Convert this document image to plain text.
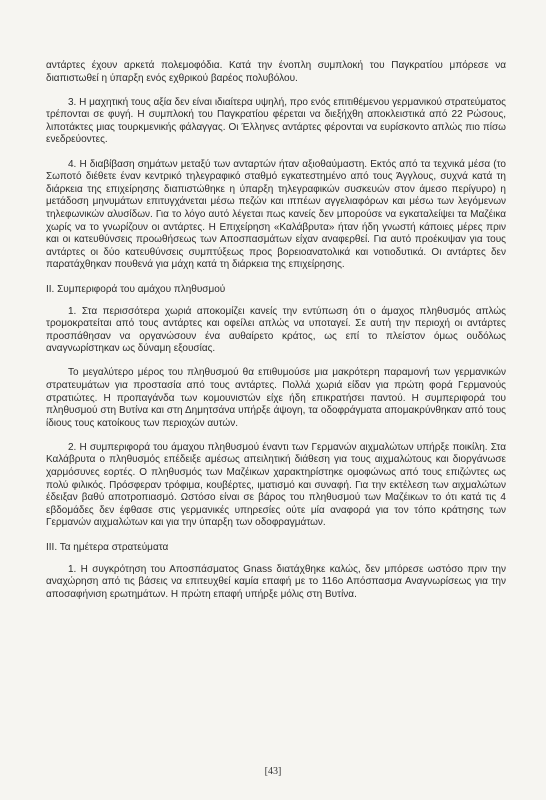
αντάρτες έχουν αρκετά πολεμοφόδια. Κατά την ένοπλη συμπλοκή του Παγκρατίου μπόρεσε να διαπιστωθεί η ύπαρξη ενός εχθρικού βαρέος πολυβόλου.

3. Η μαχητική τους αξία δεν είναι ιδιαίτερα υψηλή, προ ενός επιτιθέμενου γερμανικού στρατεύματος τρέπονται σε φυγή. Η συμπλοκή του Παγκρατίου φέρεται να διεξήχθη αποκλειστικά από 22 Ρώσους, λιποτάκτες μιας τουρκμενικής φάλαγγας. Οι Έλληνες αντάρτες φέρονται να ευρίσκοντο απλώς πιο πίσω ενεδρεύοντες.

4. Η διαβίβαση σημάτων μεταξύ των ανταρτών ήταν αξιοθαύμαστη. Εκτός από τα τεχνικά μέσα (το Σωποτό διέθετε έναν κεντρικό τηλεγραφικό σταθμό εγκατεστημένο από τους Άγγλους, συχνά κατά τη διάρκεια της επιχείρησης διαπιστώθηκε η ύπαρξη τηλεγραφικών συσκευών στον άμεσο περίγυρο) η μετάδοση μηνυμάτων επιτυγχάνεται μέσω πεζών και ιππέων αγγελιαφόρων και μέσω των λεγόμενων τηλεφωνικών αλυσίδων. Για το λόγο αυτό λέγεται πως κανείς δεν μπορούσε να εγκαταλείψει τα Μαζέικα χωρίς να το γνωρίζουν οι αντάρτες. Η Επιχείρηση «Καλάβρυτα» ήταν ήδη γνωστή κάποιες μέρες πριν και οι κατευθύνσεις προωθήσεως των Αποσπασμάτων είχαν αναφερθεί. Για αυτό προέκυψαν για τους αντάρτες οι δύο κατευθύνσεις συμπτύξεως προς βορειοανατολικά και νοτιοδυτικά. Οι αντάρτες δεν παρατάχθηκαν πουθενά για μάχη κατά τη διάρκεια της επιχείρησης.

ΙΙ. Συμπεριφορά του αμάχου πληθυσμού

1. Στα περισσότερα χωριά αποκομίζει κανείς την εντύπωση ότι ο άμαχος πληθυσμός απλώς τρομοκρατείται από τους αντάρτες και οφείλει απλώς να υποταγεί. Σε αυτή την περιοχή οι αντάρτες προσπάθησαν να οργανώσουν ένα αυθαίρετο κράτος, ως επί το πλείστον όμως ουδόλως αναγνωρίστηκαν ως δύναμη εξουσίας.

Το μεγαλύτερο μέρος του πληθυσμού θα επιθυμούσε μια μακρότερη παραμονή των γερμανικών στρατευμάτων για προστασία από τους αντάρτες. Πολλά χωριά είδαν για πρώτη φορά Γερμανούς στρατιώτες. Η προπαγάνδα των κομουνιστών είχε ήδη επικρατήσει παντού. Η συμπεριφορά του πληθυσμού στη Βυτίνα και στη Δημητσάνα υπήρξε άψογη, τα οδοφράγματα απομακρύνθηκαν από τους ίδιους τους κατοίκους των περιοχών αυτών.

2. Η συμπεριφορά του άμαχου πληθυσμού έναντι των Γερμανών αιχμαλώτων υπήρξε ποικίλη. Στα Καλάβρυτα ο πληθυσμός επέδειξε αμέσως απειλητική διάθεση για τους αιχμαλώτους και διοργάνωσε χαρμόσυνες εορτές. Ο πληθυσμός των Μαζέικων χαρακτηρίστηκε ομοφώνως από τους επιζώντες ως πολύ φιλικός. Πρόσφεραν τρόφιμα, κουβέρτες, ιματισμό και συναφή. Για την εκτέλεση των αιχμαλώτων έδειξαν βαθύ αποτροπιασμό. Ωστόσο είναι σε βάρος του πληθυσμού των Μαζέικων το ότι κατά τις 4 εβδομάδες δεν έφθασε στις γερμανικές υπηρεσίες ούτε μία αναφορά για τον τόπο κράτησης των Γερμανών αιχμαλώτων και για την ύπαρξη των οδοφραγμάτων.

ΙΙΙ. Τα ημέτερα στρατεύματα

1. Η συγκρότηση του Αποσπάσματος Gnass διατάχθηκε καλώς, δεν μπόρεσε ωστόσο πριν την αναχώρηση από τις βάσεις να επιτευχθεί καμία επαφή με το 116ο Απόσπασμα Αναγνωρίσεως για την αποσαφήνιση ερωτημάτων. Η πρώτη επαφή υπήρξε μόλις στη Βυτίνα.

[43]
